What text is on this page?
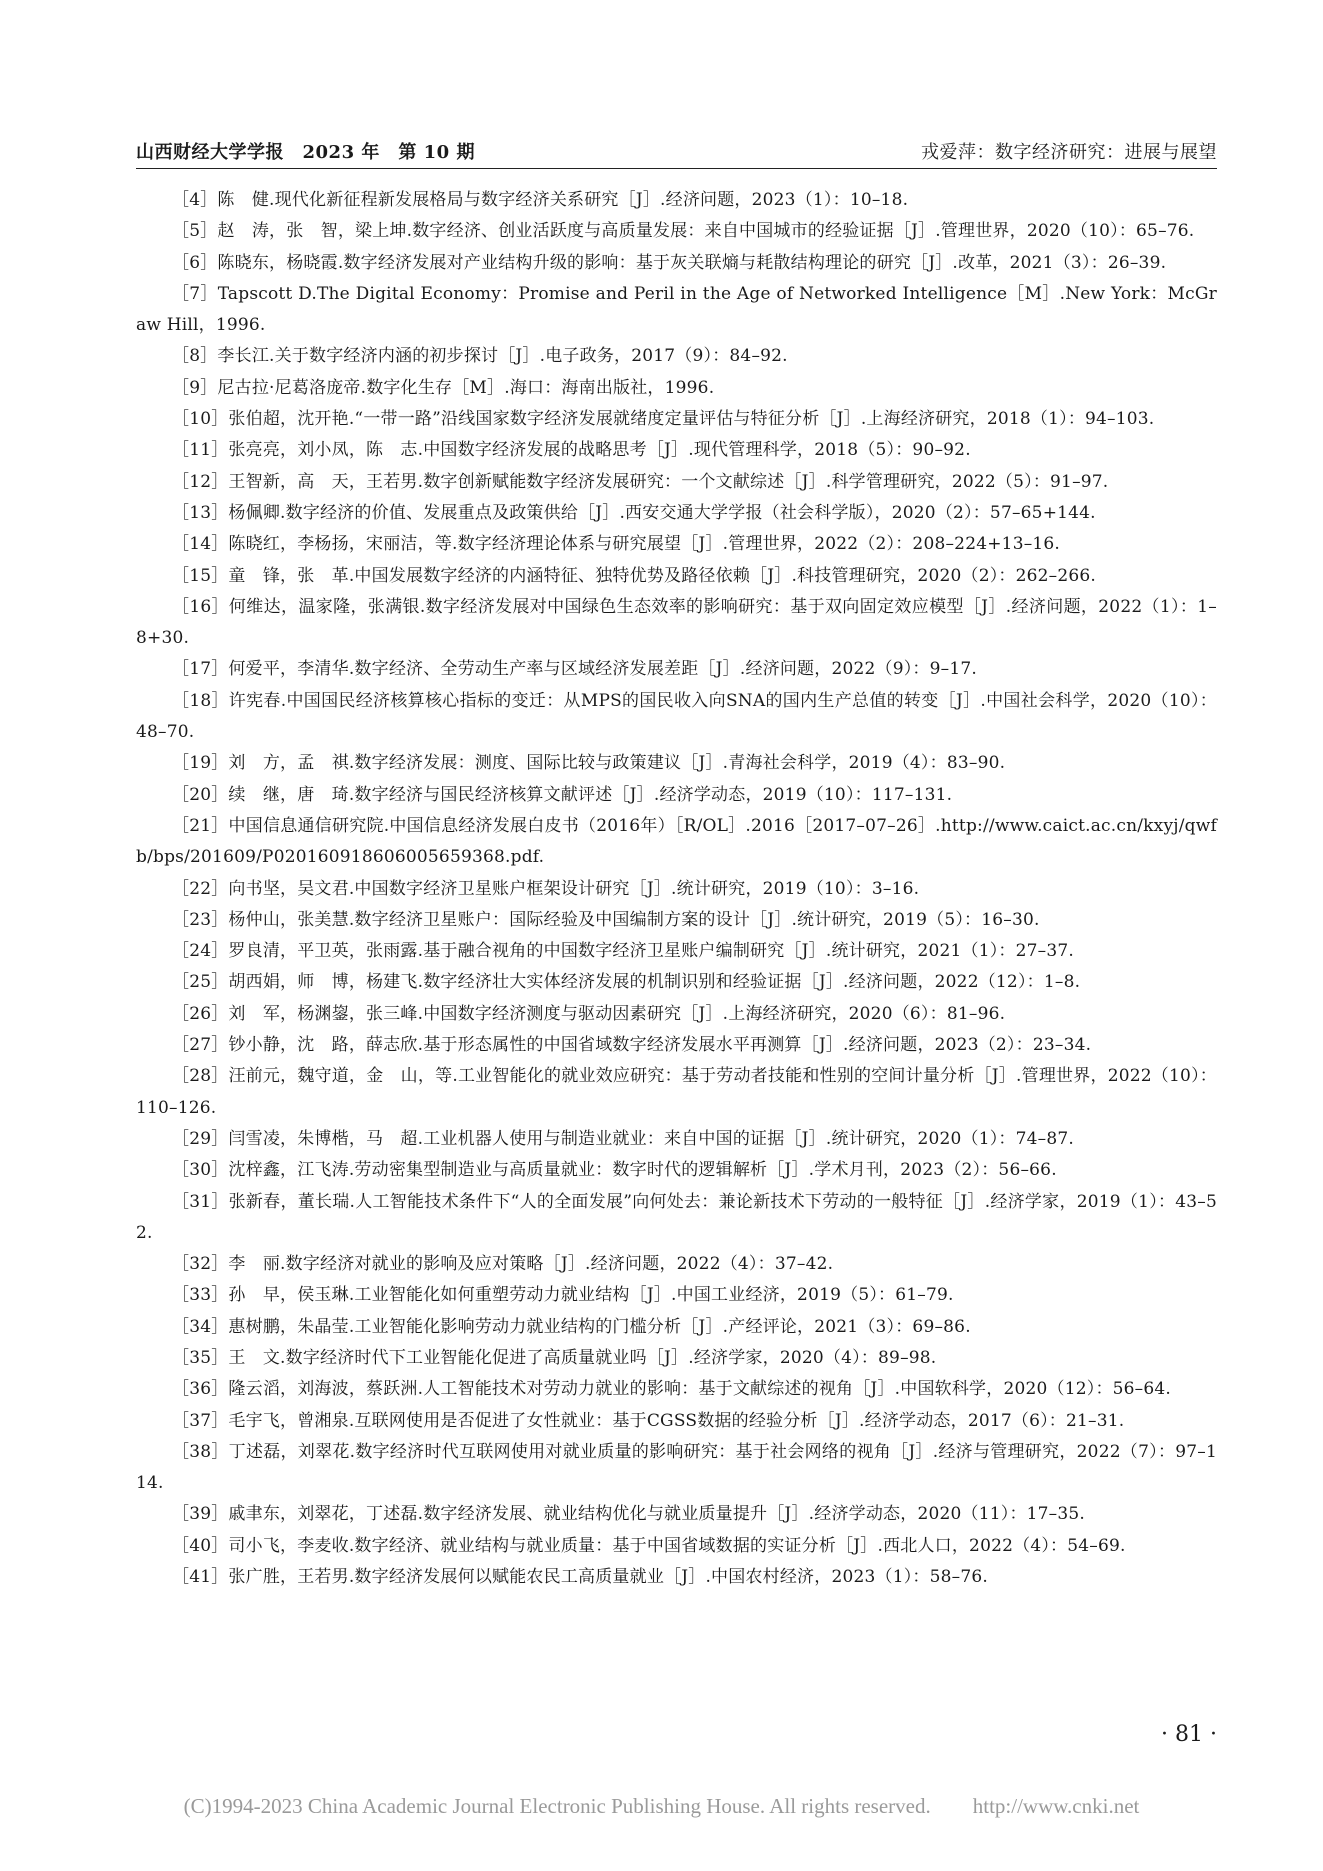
山西财经大学学报　2023 年　第 10 期	戎爱萍：数字经济研究：进展与展望

［4］陈　健.现代化新征程新发展格局与数字经济关系研究［J］.经济问题，2023（1）：10–18.

［5］赵　涛，张　智，梁上坤.数字经济、创业活跃度与高质量发展：来自中国城市的经验证据［J］.管理世界，2020（10）：65–76.

［6］陈晓东，杨晓霞.数字经济发展对产业结构升级的影响：基于灰关联熵与耗散结构理论的研究［J］.改革，2021（3）：26–39.

［7］Tapscott D.The Digital Economy：Promise and Peril in the Age of Networked Intelligence［M］.New York：McGraw Hill，1996.

［8］李长江.关于数字经济内涵的初步探讨［J］.电子政务，2017（9）：84–92.

［9］尼古拉·尼葛洛庞帝.数字化生存［M］.海口：海南出版社，1996.

［10］张伯超，沈开艳.“一带一路”沿线国家数字经济发展就绪度定量评估与特征分析［J］.上海经济研究，2018（1）：94–103.

［11］张亮亮，刘小凤，陈　志.中国数字经济发展的战略思考［J］.现代管理科学，2018（5）：90–92.

［12］王智新，高　天，王若男.数字创新赋能数字经济发展研究：一个文献综述［J］.科学管理研究，2022（5）：91–97.

［13］杨佩卿.数字经济的价值、发展重点及政策供给［J］.西安交通大学学报（社会科学版），2020（2）：57–65+144.

［14］陈晓红，李杨扬，宋丽洁，等.数字经济理论体系与研究展望［J］.管理世界，2022（2）：208–224+13–16.

［15］童　锋，张　革.中国发展数字经济的内涵特征、独特优势及路径依赖［J］.科技管理研究，2020（2）：262–266.

［16］何维达，温家隆，张满银.数字经济发展对中国绿色生态效率的影响研究：基于双向固定效应模型［J］.经济问题，2022（1）：1–8+30.

［17］何爱平，李清华.数字经济、全劳动生产率与区域经济发展差距［J］.经济问题，2022（9）：9–17.

［18］许宪春.中国国民经济核算核心指标的变迁：从MPS的国民收入向SNA的国内生产总值的转变［J］.中国社会科学，2020（10）：48–70.

［19］刘　方，孟　祺.数字经济发展：测度、国际比较与政策建议［J］.青海社会科学，2019（4）：83–90.

［20］续　继，唐　琦.数字经济与国民经济核算文献评述［J］.经济学动态，2019（10）：117–131.

［21］中国信息通信研究院.中国信息经济发展白皮书（2016年）［R/OL］.2016［2017–07–26］.http://www.caict.ac.cn/kxyj/qwfb/bps/201609/P020160918606005659368.pdf.

［22］向书坚，吴文君.中国数字经济卫星账户框架设计研究［J］.统计研究，2019（10）：3–16.

［23］杨仲山，张美慧.数字经济卫星账户：国际经验及中国编制方案的设计［J］.统计研究，2019（5）：16–30.

［24］罗良清，平卫英，张雨露.基于融合视角的中国数字经济卫星账户编制研究［J］.统计研究，2021（1）：27–37.

［25］胡西娟，师　博，杨建飞.数字经济壮大实体经济发展的机制识别和经验证据［J］.经济问题，2022（12）：1–8.

［26］刘　军，杨渊鋆，张三峰.中国数字经济测度与驱动因素研究［J］.上海经济研究，2020（6）：81–96.

［27］钞小静，沈　路，薛志欣.基于形态属性的中国省域数字经济发展水平再测算［J］.经济问题，2023（2）：23–34.

［28］汪前元，魏守道，金　山，等.工业智能化的就业效应研究：基于劳动者技能和性别的空间计量分析［J］.管理世界，2022（10）：110–126.

［29］闫雪凌，朱博楷，马　超.工业机器人使用与制造业就业：来自中国的证据［J］.统计研究，2020（1）：74–87.

［30］沈梓鑫，江飞涛.劳动密集型制造业与高质量就业：数字时代的逻辑解析［J］.学术月刊，2023（2）：56–66.

［31］张新春，董长瑞.人工智能技术条件下“人的全面发展”向何处去：兼论新技术下劳动的一般特征［J］.经济学家，2019（1）：43–52.

［32］李　丽.数字经济对就业的影响及应对策略［J］.经济问题，2022（4）：37–42.

［33］孙　早，侯玉琳.工业智能化如何重塑劳动力就业结构［J］.中国工业经济，2019（5）：61–79.

［34］惠树鹏，朱晶莹.工业智能化影响劳动力就业结构的门槛分析［J］.产经评论，2021（3）：69–86.

［35］王　文.数字经济时代下工业智能化促进了高质量就业吗［J］.经济学家，2020（4）：89–98.

［36］隆云滔，刘海波，蔡跃洲.人工智能技术对劳动力就业的影响：基于文献综述的视角［J］.中国软科学，2020（12）：56–64.

［37］毛宇飞，曾湘泉.互联网使用是否促进了女性就业：基于CGSS数据的经验分析［J］.经济学动态，2017（6）：21–31.

［38］丁述磊，刘翠花.数字经济时代互联网使用对就业质量的影响研究：基于社会网络的视角［J］.经济与管理研究，2022（7）：97–114.

［39］戚聿东，刘翠花，丁述磊.数字经济发展、就业结构优化与就业质量提升［J］.经济学动态，2020（11）：17–35.

［40］司小飞，李麦收.数字经济、就业结构与就业质量：基于中国省域数据的实证分析［J］.西北人口，2022（4）：54–69.

［41］张广胜，王若男.数字经济发展何以赋能农民工高质量就业［J］.中国农村经济，2023（1）：58–76.

· 81 ·
(C)1994-2023 China Academic Journal Electronic Publishing House. All rights reserved.　　http://www.cnki.net
